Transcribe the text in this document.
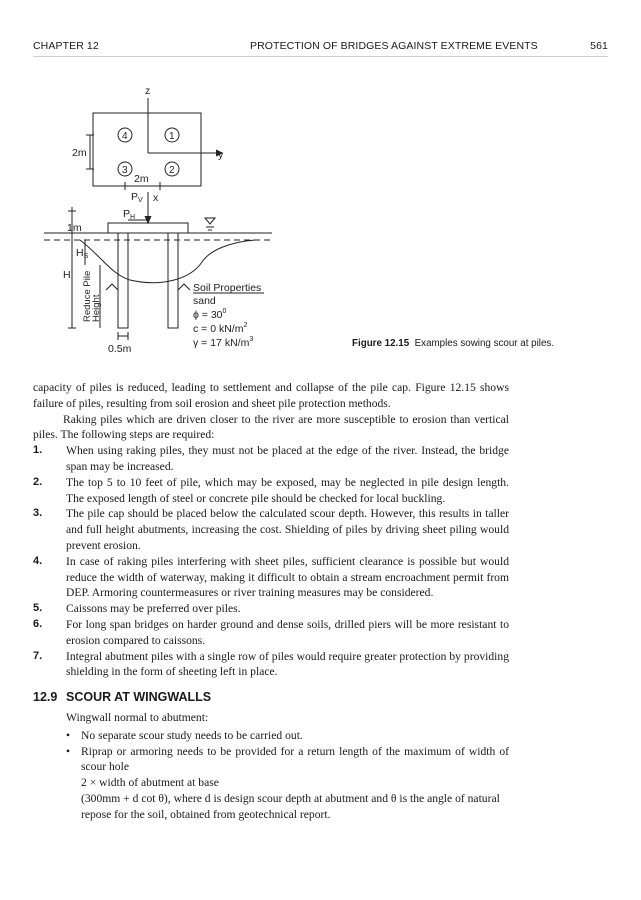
CHAPTER 12	PROTECTION OF BRIDGES AGAINST EXTREME EVENTS	561
z
y
x
4	1
3	2
2m
2m
PV
PH
1m
HS
H Reduce Pile
Height
0.5m
Soil Properties
sand
$\phi = 30^0$
c = 0 $kN/m^2$
γ = 17 $kN/m^3$	Figure 12.15 Examples sowing scour at piles.

capacity of piles is reduced, leading to settlement and collapse of the pile cap. Figure 12.15 shows failure of piles, resulting from soil erosion and sheet pile protection methods.

Raking piles which are driven closer to the river are more susceptible to erosion than vertical piles. The following steps are required:

1. When using raking piles, they must not be placed at the edge of the river. Instead, the bridge span may be increased.
2. The top 5 to 10 feet of pile, which may be exposed, may be neglected in pile design length. The exposed length of steel or concrete pile should be checked for local buckling.
3. The pile cap should be placed below the calculated scour depth. However, this results in taller and full height abutments, increasing the cost. Shielding of piles by driving sheet piling would prevent erosion.
4. In case of raking piles interfering with sheet piles, sufficient clearance is possible but would reduce the width of waterway, making it difficult to obtain a stream encroachment permit from DEP. Armoring countermeasures or river training measures may be considered.
5. Caissons may be preferred over piles.
6. For long span bridges on harder ground and dense soils, drilled piers will be more resistant to erosion compared to caissons.
7. Integral abutment piles with a single row of piles would require greater protection by providing shielding in the form of sheeting left in place.
12.9 SCOUR AT WINGWALLS
Wingwall normal to abutment:
• No separate scour study needs to be carried out.
• Riprap or armoring needs to be provided for a return length of the maximum of width of scour hole
2 × width of abutment at base
(300mm + d cot θ), where d is design scour depth at abutment and θ is the angle of natural repose for the soil, obtained from geotechnical report.
